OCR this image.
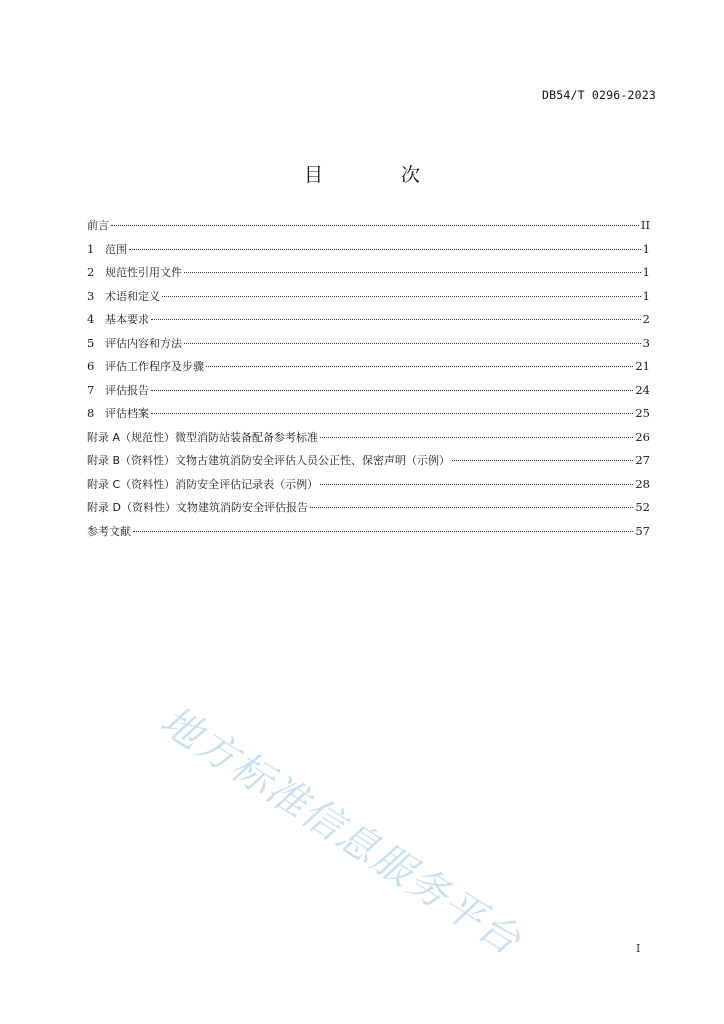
DB54/T 0296-2023
目 次
前言	II
1 范围	1
2 规范性引用文件	1
3 术语和定义	1
4 基本要求	2
5 评估内容和方法	3
6 评估工作程序及步骤	21
7 评估报告	24
8 评估档案	25
附录 A（规范性）微型消防站装备配备参考标准	26
附录 B（资料性）文物古建筑消防安全评估人员公正性、保密声明（示例）	27
附录 C（资料性）消防安全评估记录表（示例）	28
附录 D（资料性）文物建筑消防安全评估报告	52
参考文献	57
地方标准信息服务平台	I
